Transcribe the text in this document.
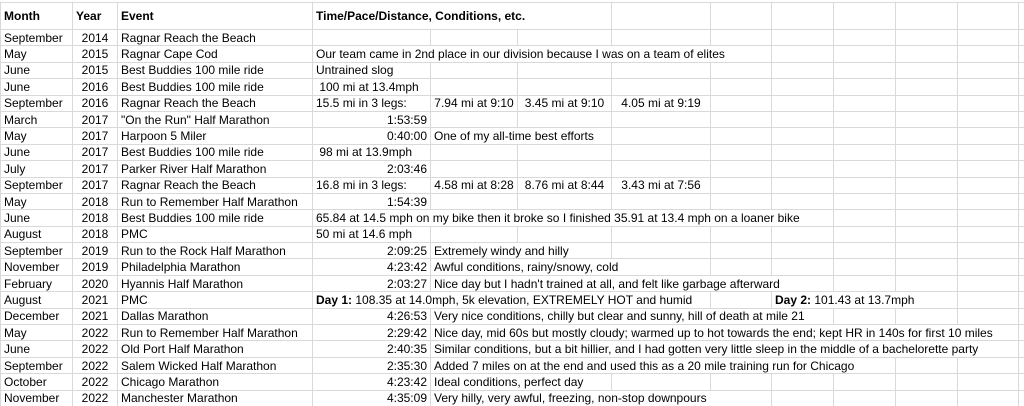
Month	Year	Event	Time/Pace/Distance, Conditions, etc.									
September	2014	Ragnar Reach the Beach										
May	2015	Ragnar Cape Cod	Our team came in 2nd place in our division because I was on a team of elites									
June	2015	Best Buddies 100 mile ride	Untrained slog									
June	2016	Best Buddies 100 mile ride	100 mi at 13.4mph									
September	2016	Ragnar Reach the Beach	15.5 mi in 3 legs:	7.94 mi at 9:10	3.45 mi at 9:10	4.05 mi at 9:19						
March	2017	"On the Run" Half Marathon	1:53:59									
May	2017	Harpoon 5 Miler	0:40:00	One of my all-time best efforts								
June	2017	Best Buddies 100 mile ride	98 mi at 13.9mph									
July	2017	Parker River Half Marathon	2:03:46									
September	2017	Ragnar Reach the Beach	16.8 mi in 3 legs:	4.58 mi at 8:28	8.76 mi at 8:44	3.43 mi at 7:56						
May	2018	Run to Remember Half Marathon	1:54:39									
June	2018	Best Buddies 100 mile ride	65.84 at 14.5 mph on my bike then it broke so I finished 35.91 at 13.4 mph on a loaner bike									
August	2018	PMC	50 mi at 14.6 mph									
September	2019	Run to the Rock Half Marathon	2:09:25	Extremely windy and hilly								
November	2019	Philadelphia Marathon	4:23:42	Awful conditions, rainy/snowy, cold								
February	2020	Hyannis Half Marathon	2:03:27	Nice day but I hadn't trained at all, and felt like garbage afterward								
August	2021	PMC	Day 1: 108.35 at 14.0mph, 5k elevation, EXTREMELY HOT and humid					Day 2: 101.43 at 13.7mph				
December	2021	Dallas Marathon	4:26:53	Very nice conditions, chilly but clear and sunny, hill of death at mile 21								
May	2022	Run to Remember Half Marathon	2:29:42	Nice day, mid 60s but mostly cloudy; warmed up to hot towards the end; kept HR in 140s for first 10 miles								
June	2022	Old Port Half Marathon	2:40:35	Similar conditions, but a bit hillier, and I had gotten very little sleep in the middle of a bachelorette party								
September	2022	Salem Wicked Half Marathon	2:35:30	Added 7 miles on at the end and used this as a 20 mile training run for Chicago								
October	2022	Chicago Marathon	4:23:42	Ideal conditions, perfect day								
November	2022	Manchester Marathon	4:35:09	Very hilly, very awful, freezing, non-stop downpours								
